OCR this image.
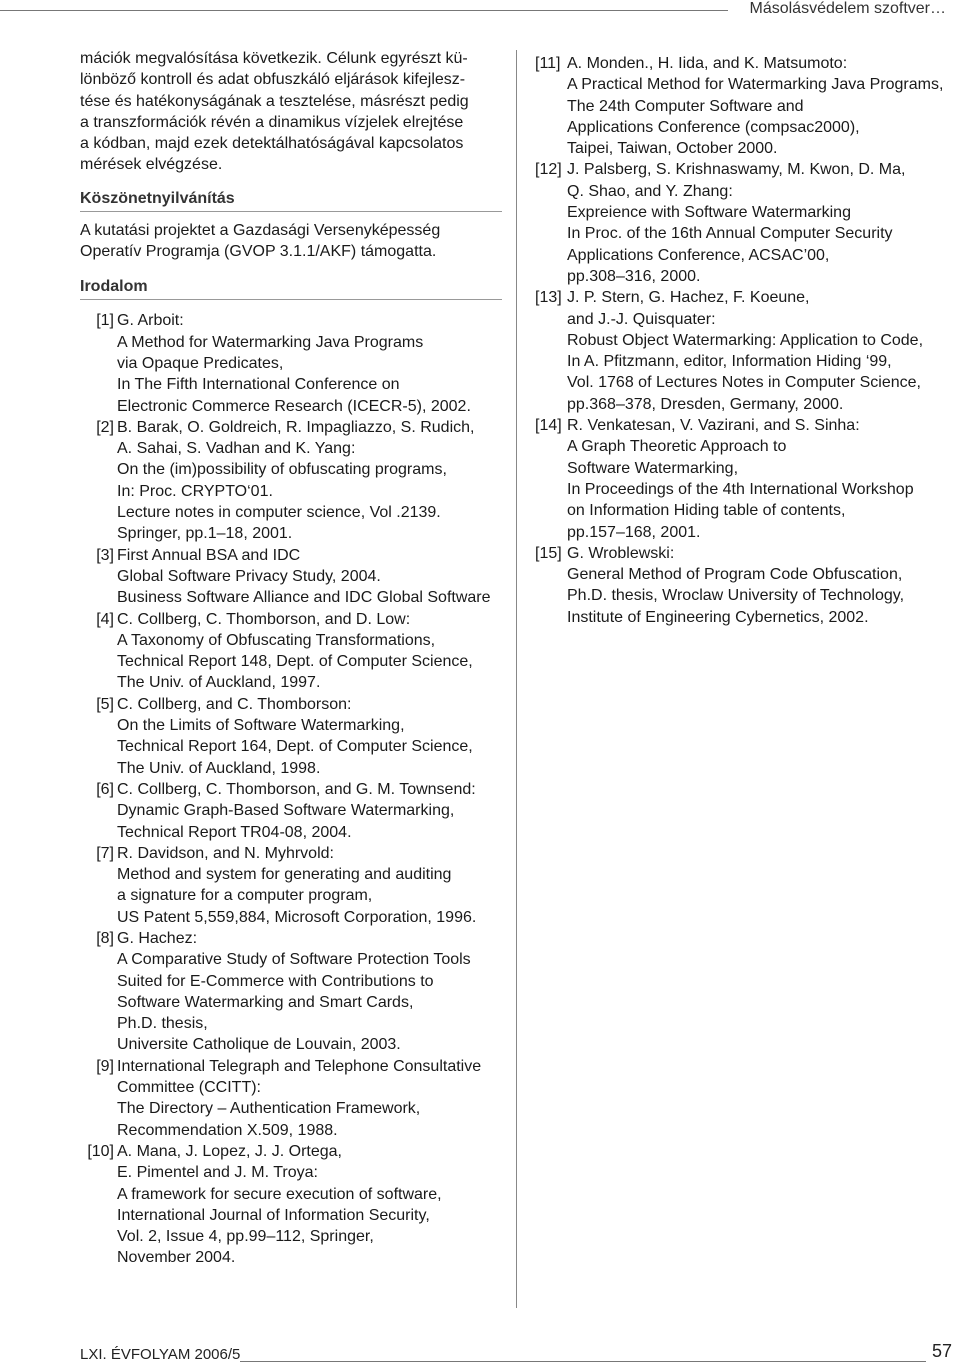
Másolásvédelem szoftver…
mációk megvalósítása következik. Célunk egyrészt kü-
lönböző kontroll és adat obfuszkáló eljárások kifejlesz-
tése és hatékonyságának a tesztelése, másrészt pedig
a transzformációk révén a dinamikus vízjelek elrejtése
a kódban, majd ezek detektálhatóságával kapcsolatos
mérések elvégzése.
Köszönetnyilvánítás
A kutatási projektet a Gazdasági Versenyképesség
Operatív Programja (GVOP 3.1.1/AKF) támogatta.
Irodalom
[1] G. Arboit:
A Method for Watermarking Java Programs
via Opaque Predicates,
In The Fifth International Conference on
Electronic Commerce Research (ICECR-5), 2002.
[2] B. Barak, O. Goldreich, R. Impagliazzo, S. Rudich,
A. Sahai, S. Vadhan and K. Yang:
On the (im)possibility of obfuscating programs,
In: Proc. CRYPTO‘01.
Lecture notes in computer science, Vol .2139.
Springer, pp.1–18, 2001.
[3] First Annual BSA and IDC
Global Software Privacy Study, 2004.
Business Software Alliance and IDC Global Software
[4] C. Collberg, C. Thomborson, and D. Low:
A Taxonomy of Obfuscating Transformations,
Technical Report 148, Dept. of Computer Science,
The Univ. of Auckland, 1997.
[5] C. Collberg, and C. Thomborson:
On the Limits of Software Watermarking,
Technical Report 164, Dept. of Computer Science,
The Univ. of Auckland, 1998.
[6] C. Collberg, C. Thomborson, and G. M. Townsend:
Dynamic Graph-Based Software Watermarking,
Technical Report TR04-08, 2004.
[7] R. Davidson, and N. Myhrvold:
Method and system for generating and auditing
a signature for a computer program,
US Patent 5,559,884, Microsoft Corporation, 1996.
[8] G. Hachez:
A Comparative Study of Software Protection Tools
Suited for E-Commerce with Contributions to
Software Watermarking and Smart Cards,
Ph.D. thesis,
Universite Catholique de Louvain, 2003.
[9] International Telegraph and Telephone Consultative
Committee (CCITT):
The Directory – Authentication Framework,
Recommendation X.509, 1988.
[10] A. Mana, J. Lopez, J. J. Ortega,
E. Pimentel and J. M. Troya:
A framework for secure execution of software,
International Journal of Information Security,
Vol. 2, Issue 4, pp.99–112, Springer,
November 2004.
[11] A. Monden., H. Iida, and K. Matsumoto:
A Practical Method for Watermarking Java Programs,
The 24th Computer Software and
Applications Conference (compsac2000),
Taipei, Taiwan, October 2000.
[12] J. Palsberg, S. Krishnaswamy, M. Kwon, D. Ma,
Q. Shao, and Y. Zhang:
Expreience with Software Watermarking
In Proc. of the 16th Annual Computer Security
Applications Conference, ACSAC’00,
pp.308–316, 2000.
[13] J. P. Stern, G. Hachez, F. Koeune,
and J.-J. Quisquater:
Robust Object Watermarking: Application to Code,
In A. Pfitzmann, editor, Information Hiding ‘99,
Vol. 1768 of Lectures Notes in Computer Science,
pp.368–378, Dresden, Germany, 2000.
[14] R. Venkatesan, V. Vazirani, and S. Sinha:
A Graph Theoretic Approach to
Software Watermarking,
In Proceedings of the 4th International Workshop
on Information Hiding table of contents,
pp.157–168, 2001.
[15] G. Wroblewski:
General Method of Program Code Obfuscation,
Ph.D. thesis, Wroclaw University of Technology,
Institute of Engineering Cybernetics, 2002.
LXI. ÉVFOLYAM 2006/5	57
